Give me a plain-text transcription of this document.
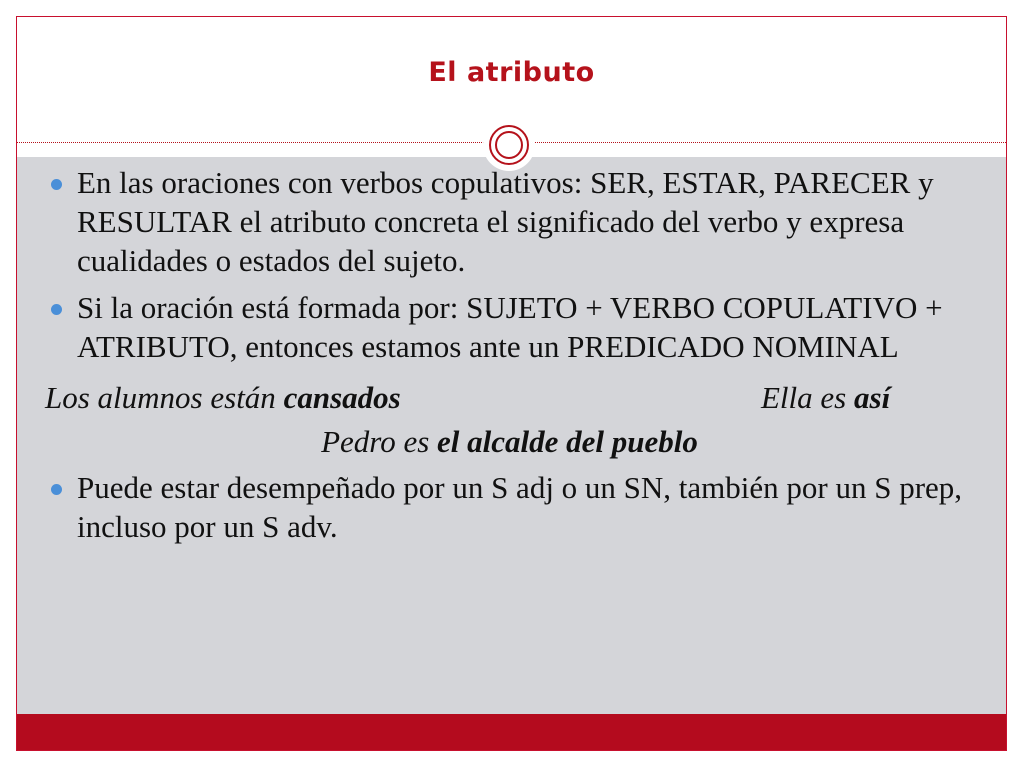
El atributo
En las oraciones con verbos copulativos: SER, ESTAR, PARECER y RESULTAR el atributo concreta el significado del verbo y expresa cualidades o estados del sujeto.
Si la oración está formada por: SUJETO + VERBO COPULATIVO + ATRIBUTO, entonces estamos ante un PREDICADO NOMINAL
Los alumnos están cansados	Ella es así
Pedro es el alcalde del pueblo
Puede estar desempeñado por un S adj o un SN, también por un S prep, incluso por un S adv.
